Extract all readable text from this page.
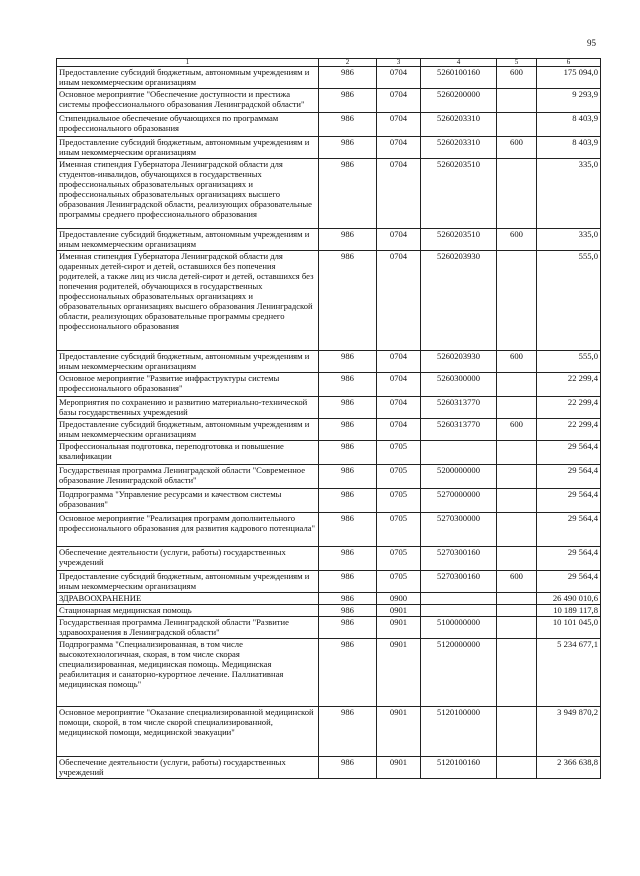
95
1	2	3	4	5	6
Предоставление субсидий бюджетным, автономным учреждениям и иным некоммерческим организациям	986	0704	5260100160	600	175 094,0
Основное мероприятие "Обеспечение доступности и престижа системы профессионального образования Ленинградской области"	986	0704	5260200000		9 293,9
Стипендиальное обеспечение обучающихся по программам профессионального образования	986	0704	5260203310		8 403,9
Предоставление субсидий бюджетным, автономным учреждениям и иным некоммерческим организациям	986	0704	5260203310	600	8 403,9
Именная стипендия Губернатора Ленинградской области для студентов-инвалидов, обучающихся в государственных профессиональных образовательных организациях и профессиональных образовательных организациях высшего образования Ленинградской области, реализующих образовательные программы среднего профессионального образования	986	0704	5260203510		335,0
Предоставление субсидий бюджетным, автономным учреждениям и иным некоммерческим организациям	986	0704	5260203510	600	335,0
Именная стипендия Губернатора Ленинградской области для одаренных детей-сирот и детей, оставшихся без попечения родителей, а также лиц из числа детей-сирот и детей, оставшихся без попечения родителей, обучающихся в государственных профессиональных образовательных организациях и образовательных организациях высшего образования Ленинградской области, реализующих образовательные программы среднего профессионального образования	986	0704	5260203930		555,0
Предоставление субсидий бюджетным, автономным учреждениям и иным некоммерческим организациям	986	0704	5260203930	600	555,0
Основное мероприятие "Развитие инфраструктуры системы профессионального образования"	986	0704	5260300000		22 299,4
Мероприятия по сохранению и развитию материально-технической базы государственных учреждений	986	0704	5260313770		22 299,4
Предоставление субсидий бюджетным, автономным учреждениям и иным некоммерческим организациям	986	0704	5260313770	600	22 299,4
Профессиональная подготовка, переподготовка и повышение квалификации	986	0705			29 564,4
Государственная программа Ленинградской области "Современное образование Ленинградской области"	986	0705	5200000000		29 564,4
Подпрограмма "Управление ресурсами и качеством системы образования"	986	0705	5270000000		29 564,4
Основное мероприятие "Реализация программ дополнительного профессионального образования для развития кадрового потенциала"	986	0705	5270300000		29 564,4
Обеспечение деятельности (услуги, работы) государственных учреждений	986	0705	5270300160		29 564,4
Предоставление субсидий бюджетным, автономным учреждениям и иным некоммерческим организациям	986	0705	5270300160	600	29 564,4
ЗДРАВООХРАНЕНИЕ	986	0900			26 490 010,6
Стационарная медицинская помощь	986	0901			10 189 117,8
Государственная программа Ленинградской области "Развитие здравоохранения в Ленинградской области"	986	0901	5100000000		10 101 045,0
Подпрограмма "Специализированная, в том числе высокотехнологичная, скорая, в том числе скорая специализированная, медицинская помощь. Медицинская реабилитация и санаторно-курортное лечение. Паллиативная медицинская помощь"	986	0901	5120000000		5 234 677,1
Основное мероприятие "Оказание специализированной медицинской помощи, скорой, в том числе скорой специализированной, медицинской помощи, медицинской эвакуации"	986	0901	5120100000		3 949 870,2
Обеспечение деятельности (услуги, работы) государственных учреждений	986	0901	5120100160		2 366 638,8
